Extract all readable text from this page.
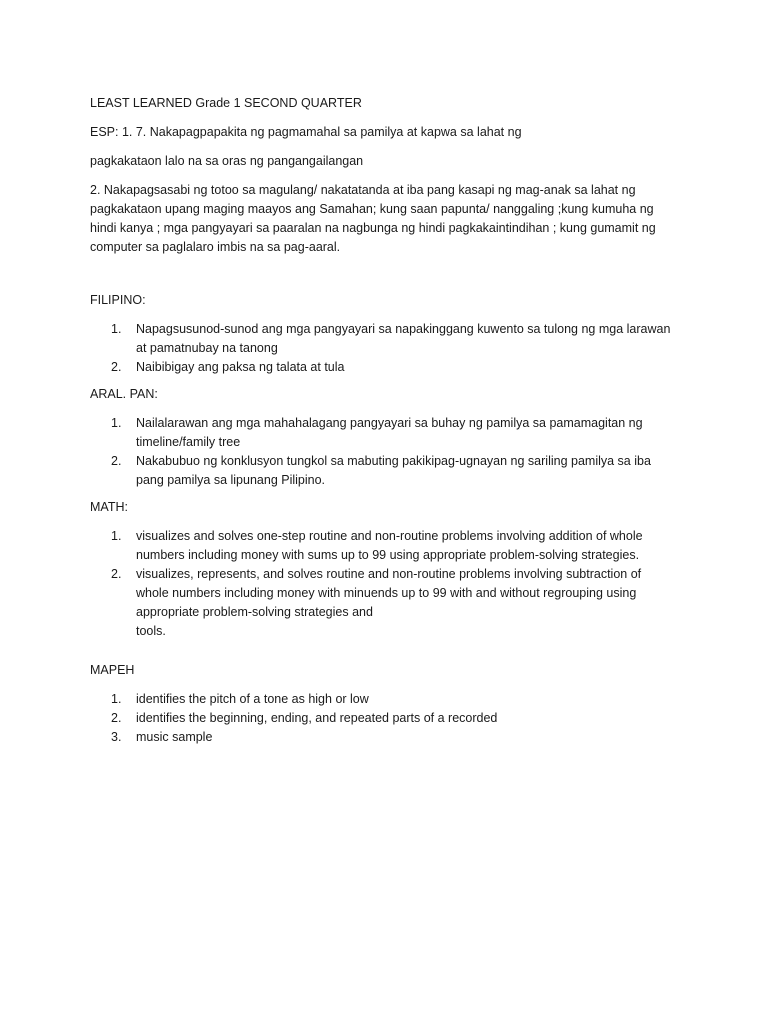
LEAST LEARNED Grade 1 SECOND QUARTER

ESP: 1. 7. Nakapagpapakita ng pagmamahal sa pamilya at kapwa sa lahat ng

pagkakataon lalo na sa oras ng pangangailangan

2. Nakapagsasabi ng totoo sa magulang/ nakatatanda at iba pang kasapi ng mag-anak sa lahat ng
pagkakataon upang maging maayos ang Samahan; kung saan papunta/ nanggaling ;kung kumuha ng
hindi kanya ; mga pangyayari sa paaralan na nagbunga ng hindi pagkakaintindihan ; kung gumamit ng
computer sa paglalaro imbis na sa pag-aaral.

FILIPINO:

1.	Napagsusunod-sunod ang mga pangyayari sa napakinggang kuwento sa tulong ng mga larawan
at pamatnubay na tanong
2.	Naibibigay ang paksa ng talata at tula

ARAL. PAN:

1.	Nailalarawan ang mga mahahalagang pangyayari sa buhay ng pamilya sa pamamagitan ng
timeline/family tree
2.	Nakabubuo ng konklusyon tungkol sa mabuting pakikipag-ugnayan ng sariling pamilya sa iba
pang pamilya sa lipunang Pilipino.

MATH:

1.	visualizes and solves one-step routine and non-routine problems involving addition of whole
numbers including money with sums up to 99 using appropriate problem-solving strategies.
2.	visualizes, represents, and solves routine and non-routine problems involving subtraction of
whole numbers including money with minuends up to 99 with and without regrouping using
appropriate problem-solving strategies and
tools.

MAPEH

1.	identifies the pitch of a tone as high or low
2.	identifies the beginning, ending, and repeated parts of a recorded
3.	music sample
